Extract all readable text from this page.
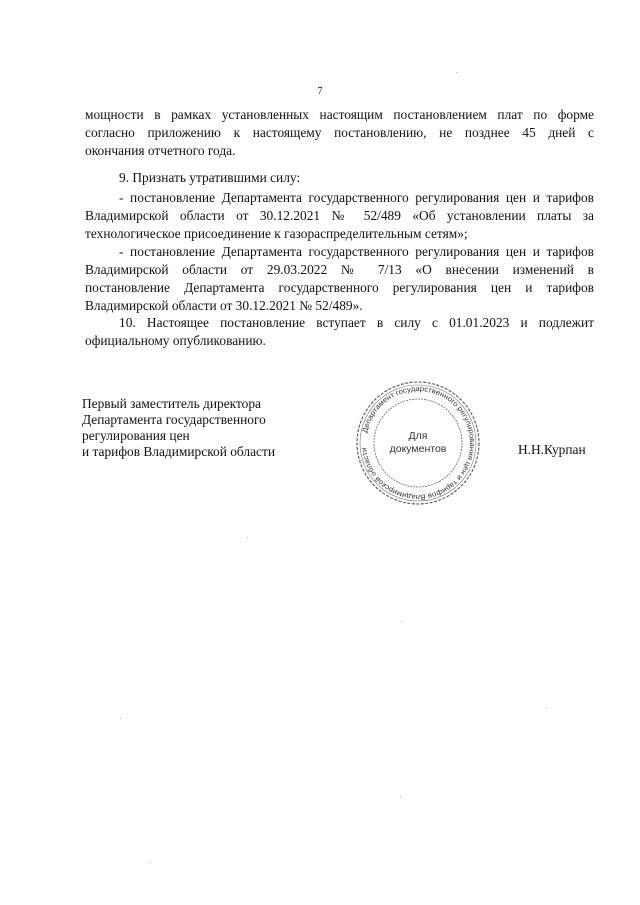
7
мощности в рамках установленных настоящим постановлением плат по форме
согласно приложению к настоящему постановлению, не позднее 45 дней с
окончания отчетного года.
9. Признать утратившими силу:
- постановление Департамента государственного регулирования цен и тарифов
Владимирской области от 30.12.2021 № 52/489 «Об установлении платы за
технологическое присоединение к газораспределительным сетям»;
- постановление Департамента государственного регулирования цен и тарифов
Владимирской области от 29.03.2022 № 7/13 «О внесении изменений в
постановление Департамента государственного регулирования цен и тарифов
Владимирской области от 30.12.2021 № 52/489».
10. Настоящее постановление вступает в силу с 01.01.2023 и подлежит
официальному опубликованию.
Первый заместитель директора
Департамента государственного
регулирования цен
и тарифов Владимирской области	Н.Н.Курпан
Департамент государственного регулирования цен и тарифов Владимирской области
Для
документов
